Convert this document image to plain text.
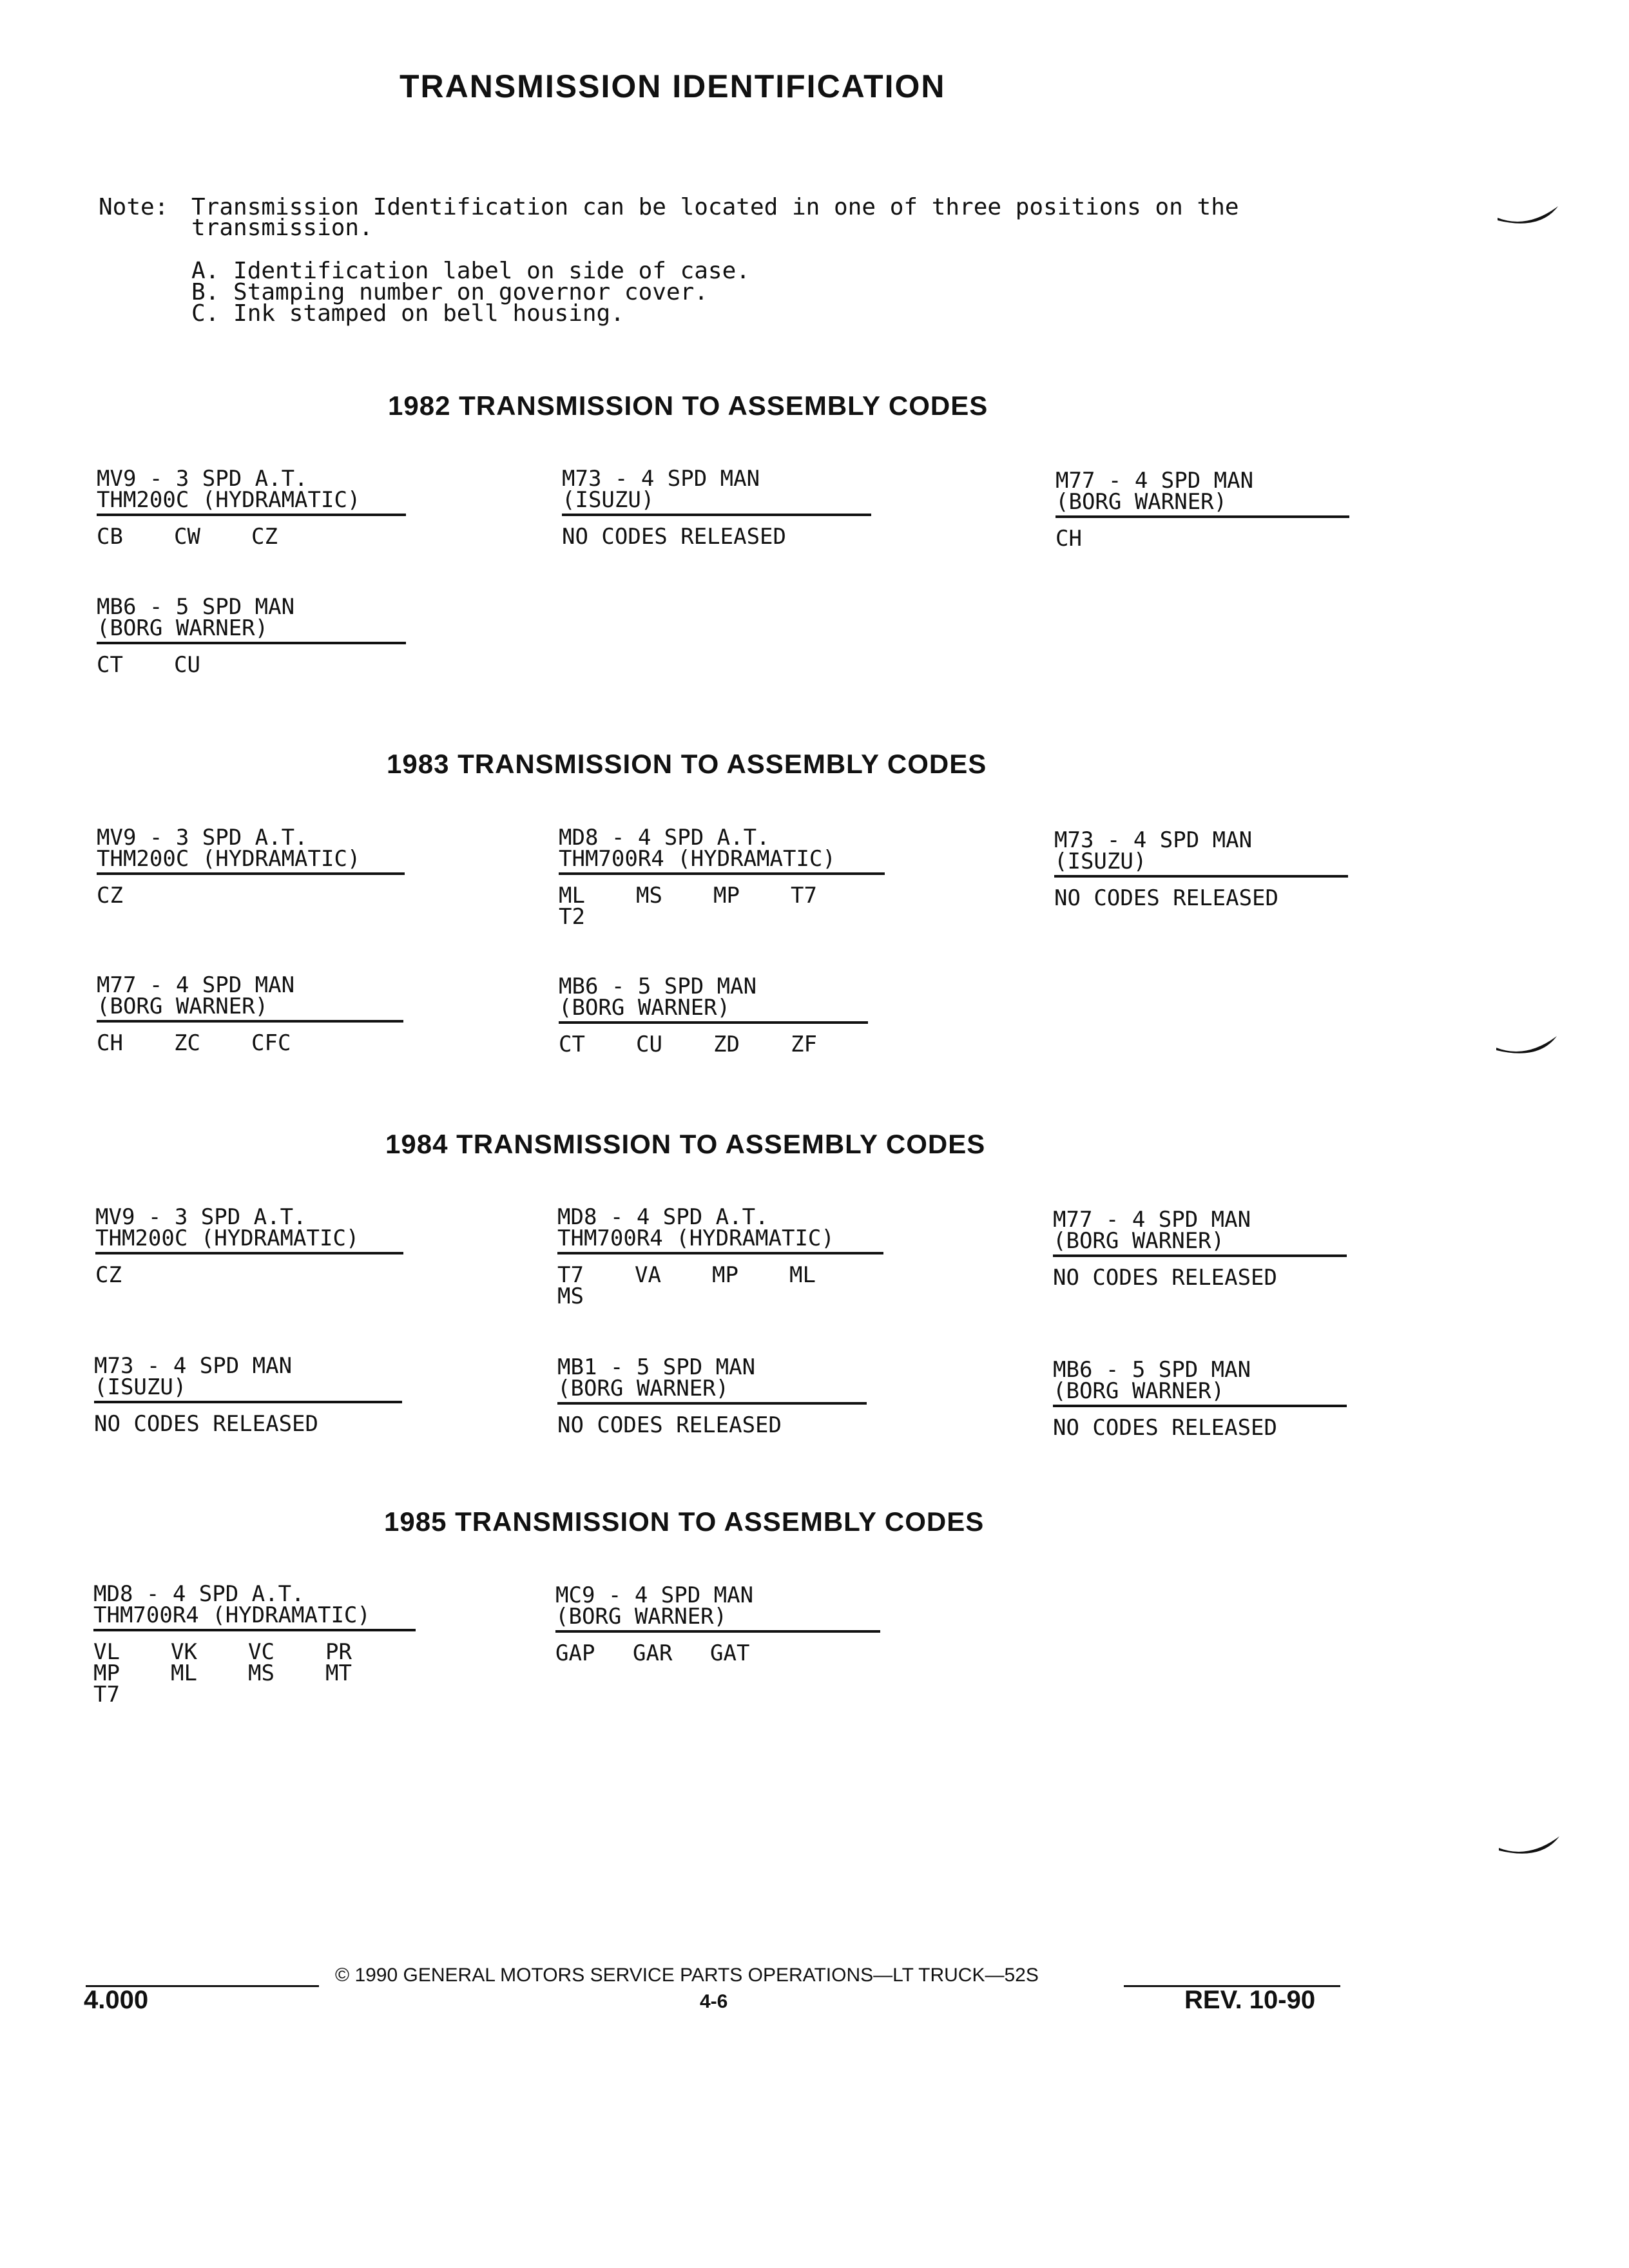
TRANSMISSION IDENTIFICATION
Note: Transmission Identification can be located in one of three positions on the
transmission.
A. Identification label on side of case.
B. Stamping number on governor cover.
C. Ink stamped on bell housing.
1982 TRANSMISSION TO ASSEMBLY CODES
1983 TRANSMISSION TO ASSEMBLY CODES
1984 TRANSMISSION TO ASSEMBLY CODES
1985 TRANSMISSION TO ASSEMBLY CODES
MV9 - 3 SPD A.T.
THM200C (HYDRAMATIC)
CB CW CZ
M73 - 4 SPD MAN
(ISUZU)
NO CODES RELEASED
M77 - 4 SPD MAN
(BORG WARNER)
CH
MB6 - 5 SPD MAN
(BORG WARNER)
CT CU
MV9 - 3 SPD A.T.
THM200C (HYDRAMATIC)
CZ
MD8 - 4 SPD A.T.
THM700R4 (HYDRAMATIC)
ML MS MP T7
T2
M73 - 4 SPD MAN
(ISUZU)
NO CODES RELEASED
M77 - 4 SPD MAN
(BORG WARNER)
CH ZC CFC
MB6 - 5 SPD MAN
(BORG WARNER)
CT CU ZD ZF
MV9 - 3 SPD A.T.
THM200C (HYDRAMATIC)
CZ
MD8 - 4 SPD A.T.
THM700R4 (HYDRAMATIC)
T7 VA MP ML
MS
M77 - 4 SPD MAN
(BORG WARNER)
NO CODES RELEASED
M73 - 4 SPD MAN
(ISUZU)
NO CODES RELEASED
MB1 - 5 SPD MAN
(BORG WARNER)
NO CODES RELEASED
MB6 - 5 SPD MAN
(BORG WARNER)
NO CODES RELEASED
MD8 - 4 SPD A.T.
THM700R4 (HYDRAMATIC)
VL VK VC PR
MP ML MS MT
T7
MC9 - 4 SPD MAN
(BORG WARNER)
GAP GAR GAT
© 1990 GENERAL MOTORS SERVICE PARTS OPERATIONS—LT TRUCK—52S
4.000	4-6	REV. 10-90
